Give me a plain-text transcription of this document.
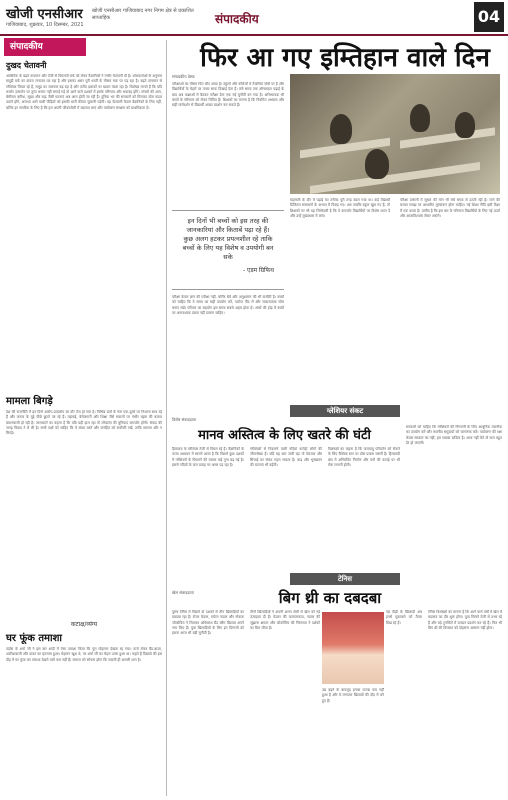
खोजी एनसीआर
गाजियाबाद, शुक्रवार, 10 दिसम्बर, 2021
खोजी एनसीआर गाजियाबाद नगर निगम क्षेत्र से प्रकाशित साप्ताहिक	संपादकीय	04
संपादकीय
दुखद चेतावनी
आर्कटिक के बढ़ते तापमान और तेजी से पिघलती बर्फ को लेकर वैज्ञानिकों ने गंभीर चेतावनी दी है। शोधकर्ताओं के अनुसार समुद्री बर्फ का दायरा लगातार घट रहा है और इसका असर पूरी धरती के मौसम चक्र पर पड़ रहा है। बढ़ते तापमान से ग्लेशियर पिघल रहे हैं, समुद्र का जलस्तर बढ़ रहा है और तटीय इलाकों पर खतरा मंडरा रहा है। विशेषज्ञ मानते हैं कि यदि कार्बन उत्सर्जन पर तुरंत लगाम नहीं लगाई गई तो आने वाले दशकों में इसके परिणाम और भयावह होंगे। जंगलों की आग, बेमौसम बारिश, सूखा और बाढ़ जैसी घटनाएं अब आम होती जा रही हैं। दुनिया भर की सरकारों को मिलकर ठोस कदम उठाने होंगे, अन्यथा आने वाली पीढ़ियों को इसकी भारी कीमत चुकानी पड़ेगी। यह चेतावनी केवल वैज्ञानिकों के लिए नहीं, बल्कि हर नागरिक के लिए है कि हम अपनी जीवनशैली में बदलाव लाएं और पर्यावरण संरक्षण को प्राथमिकता दें।
मामला बिगड़े
देश की राजनीति में इन दिनों आरोप-प्रत्यारोप का दौर तेज हो गया है। विभिन्न दलों के नेता एक-दूसरे पर निशाना साध रहे हैं और जनता के मुद्दे पीछे छूटते जा रहे हैं। महंगाई, बेरोजगारी और शिक्षा जैसे सवालों पर गंभीर बहस की बजाय बयानबाजी हो रही है। जानकारों का कहना है कि यदि यही हाल रहा तो लोकतंत्र की बुनियाद कमजोर होगी। संवाद की जगह विवाद ने ले ली है। सभी पक्षों को चाहिए कि वे संयम बरतें और जनहित को सर्वोपरि रखें, ताकि मामला और न बिगड़े।
कटाक्ष/व्यंग्य
घर फूंक तमाशा
पड़ोस के शर्मा जी ने इस बार शादी में ऐसा तमाशा किया कि पूरा मोहल्ला देखता रह गया। कर्ज लेकर बैंड-बाजा, आतिशबाजी और दावत का इंतजाम हुआ। मेहमान खुश थे, पर शर्मा जी का चेहरा उतरा हुआ था। कहते हैं दिखावे की इस दौड़ में घर फूंक कर तमाशा देखने वाले कम नहीं हैं। समाज को सोचना होगा कि सादगी ही असली शान है।
फिर आ गए इम्तिहान वाले दिन
संपादकीय डेस्क
परीक्षाओं का मौसम फिर लौट आया है। स्कूलों और कॉलेजों में तैयारियां जोरों पर हैं और विद्यार्थियों के चेहरों पर तनाव साफ दिखाई देता है। लंबे समय तक ऑनलाइन पढ़ाई के बाद अब कक्षाओं में बैठकर परीक्षा देना एक नई चुनौती बन गया है। अभिभावक भी बच्चों के परिणाम को लेकर चिंतित हैं। शिक्षकों का मानना है कि नियमित अभ्यास और सही मार्गदर्शन से विद्यार्थी अच्छा प्रदर्शन कर सकते हैं।
इन दिनों भी बच्चों को इस तरह की जानकारियां और किताबें पढ़ा रहे हैं। कुछ अलग हटकर प्रयत्नशील रहे ताकि बच्चों के लिए यह विशेष व उपयोगी बन सके
- एडम ग्रिफिथ
महामारी के दौर में पढ़ाई का तरीका पूरी तरह बदल गया था। कई विद्यार्थी डिजिटल संसाधनों के अभाव में पिछड़ गए। अब जबकि स्कूल खुल गए हैं, तो शिक्षकों पर भी यह जिम्मेदारी है कि वे कमजोर विद्यार्थियों पर विशेष ध्यान दें और उन्हें मुख्यधारा में लाएं।
परीक्षा प्रणाली में सुधार की मांग भी लंबे समय से उठती रही है। रटने की बजाय समझ पर आधारित मूल्यांकन होना चाहिए। नई शिक्षा नीति इसी दिशा में एक कदम है। उम्मीद है कि इस बार के परिणाम विद्यार्थियों के लिए नई ऊर्जा और आत्मविश्वास लेकर आएंगे।
परीक्षा केवल ज्ञान की परीक्षा नहीं, बल्कि धैर्य और अनुशासन की भी कसौटी है। बच्चों को चाहिए कि वे समय का सही उपयोग करें, पर्याप्त नींद लें और सकारात्मक सोच बनाए रखें। परिवार का सहयोग इस समय सबसे अहम होता है। अंकों की होड़ में बच्चों पर अनावश्यक दबाव नहीं डालना चाहिए।
ग्लेशियर संकट
विशेष संवाददाता
मानव अस्तित्व के लिए खतरे की घंटी
हिमालय के ग्लेशियर तेजी से पिघल रहे हैं। वैज्ञानिकों के ताजा अध्ययन में सामने आया है कि पिछले कुछ दशकों में ग्लेशियरों के पिघलने की रफ्तार कई गुना बढ़ गई है। इससे नदियों के जल प्रवाह पर असर पड़ रहा है।
ग्लेशियरों से निकलने वाली नदियां करोड़ों लोगों की जीवनरेखा हैं। यदि यह क्रम जारी रहा तो पेयजल और सिंचाई का संकट गहरा सकता है। बाढ़ और भूस्खलन की घटनाएं भी बढ़ेंगी।
विशेषज्ञों का कहना है कि जलवायु परिवर्तन को रोकने के लिए वैश्विक स्तर पर ठोस प्रयास जरूरी हैं। हिमालयी क्षेत्र में अनियंत्रित निर्माण और वनों की कटाई पर भी रोक लगानी होगी।
सरकारों को चाहिए कि ग्लेशियरों की निगरानी के लिए आधुनिक तकनीक का उपयोग करें और स्थानीय समुदायों को जागरूक करें। पर्यावरण की रक्षा केवल सरकार का नहीं, हम सबका दायित्व है। आज नहीं चेते तो कल बहुत देर हो जाएगी।
टेनिस
खेल संवाददाता	बिग थ्री का दबदबा
पुरुष टेनिस में पिछले दो दशकों से तीन खिलाड़ियों का दबदबा रहा है। रोजर फेडरर, राफेल नडाल और नोवाक जोकोविच ने मिलकर अधिकांश ग्रैंड स्लैम खिताब अपने नाम किए हैं। युवा खिलाड़ियों के लिए इन दिग्गजों को हराना आज भी बड़ी चुनौती है।
तीनों खिलाड़ियों ने अपनी अलग शैली से खेल को नई ऊंचाइयां दी हैं। फेडरर की कलात्मकता, नडाल की जुझारू क्षमता और जोकोविच की निरंतरता ने दर्शकों का दिल जीता है।
उम्र बढ़ने के बावजूद इनका जज्बा कम नहीं हुआ है और ये लगातार खिताबों की दौड़ में बने हुए हैं।
नई पीढ़ी के खिलाड़ी अब इनसे मुकाबले को तैयार दिख रहे हैं।
टेनिस विशेषज्ञों का मानना है कि आने वाले वर्षों में खेल में बदलाव का दौर शुरू होगा। युवा सितारे तेजी से उभर रहे हैं और बड़े टूर्नामेंटों में दमदार प्रदर्शन कर रहे हैं। फिर भी बिग थ्री की विरासत को दोहराना आसान नहीं होगा।
